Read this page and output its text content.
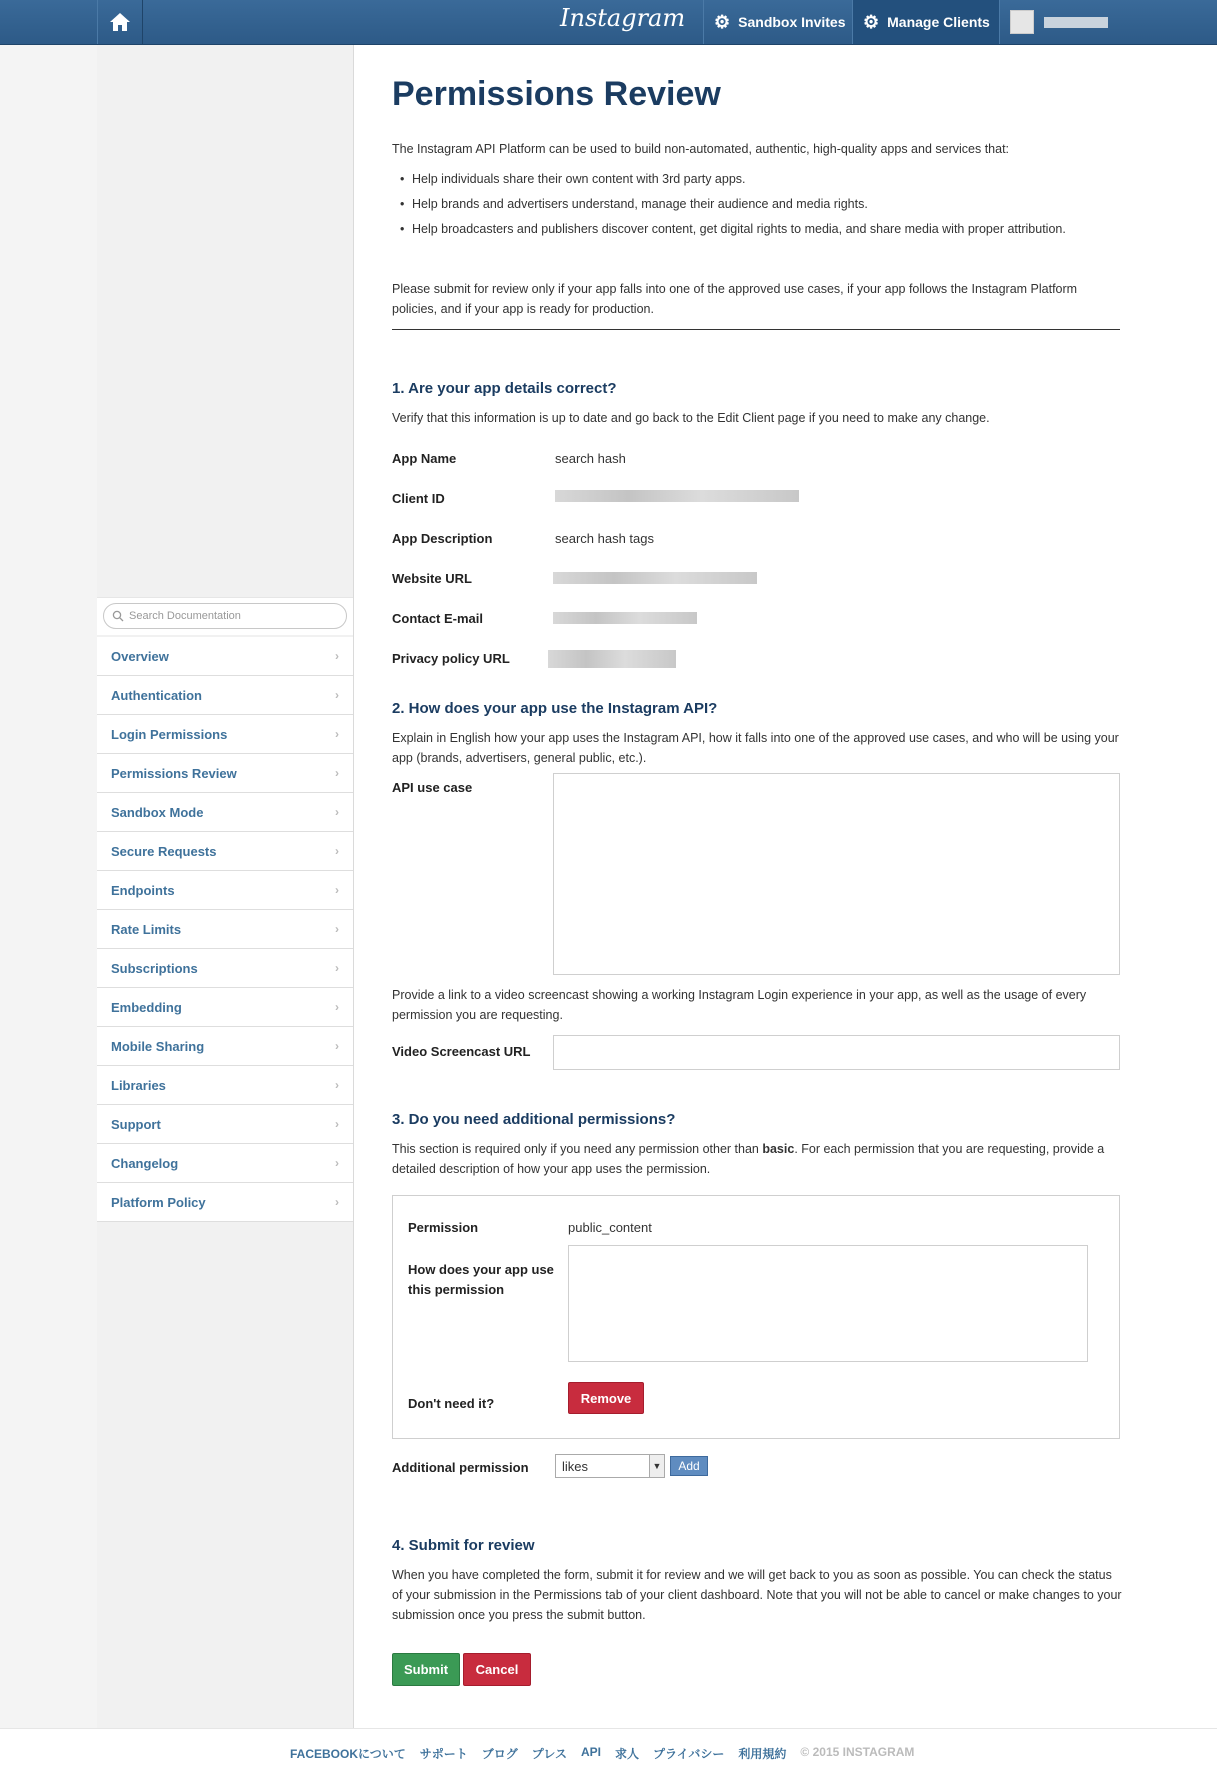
Instagram ⚙ Sandbox Invites ⚙ Manage Clients
Search Documentation
Overview	›
Authentication	›
Login Permissions	›
Permissions Review	›
Sandbox Mode	›
Secure Requests	›
Endpoints	›
Rate Limits	›
Subscriptions	›
Embedding	›
Mobile Sharing	›
Libraries	›
Support	›
Changelog	›
Platform Policy	›
Permissions Review
The Instagram API Platform can be used to build non-automated, authentic, high-quality apps and services that:
• Help individuals share their own content with 3rd party apps.
• Help brands and advertisers understand, manage their audience and media rights.
• Help broadcasters and publishers discover content, get digital rights to media, and share media with proper attribution.
Please submit for review only if your app falls into one of the approved use cases, if your app follows the Instagram Platform policies, and if your app is ready for production.
1. Are your app details correct?
Verify that this information is up to date and go back to the Edit Client page if you need to make any change.
App Name	search hash
Client ID
App Description	search hash tags
Website URL
Contact E-mail
Privacy policy URL
2. How does your app use the Instagram API?
Explain in English how your app uses the Instagram API, how it falls into one of the approved use cases, and who will be using your app (brands, advertisers, general public, etc.).
API use case
Provide a link to a video screencast showing a working Instagram Login experience in your app, as well as the usage of every permission you are requesting.
Video Screencast URL
3. Do you need additional permissions?
This section is required only if you need any permission other than basic. For each permission that you are requesting, provide a detailed description of how your app uses the permission.
Permission	public_content
How does your app use this permission
Don't need it?	Remove
Additional permission	likes	▼	Add
4. Submit for review
When you have completed the form, submit it for review and we will get back to you as soon as possible. You can check the status of your submission in the Permissions tab of your client dashboard. Note that you will not be able to cancel or make changes to your submission once you press the submit button.
Submit	Cancel
FACEBOOKについて サポート ブログ プレス API 求人 プライバシー 利用規約 © 2015 INSTAGRAM
